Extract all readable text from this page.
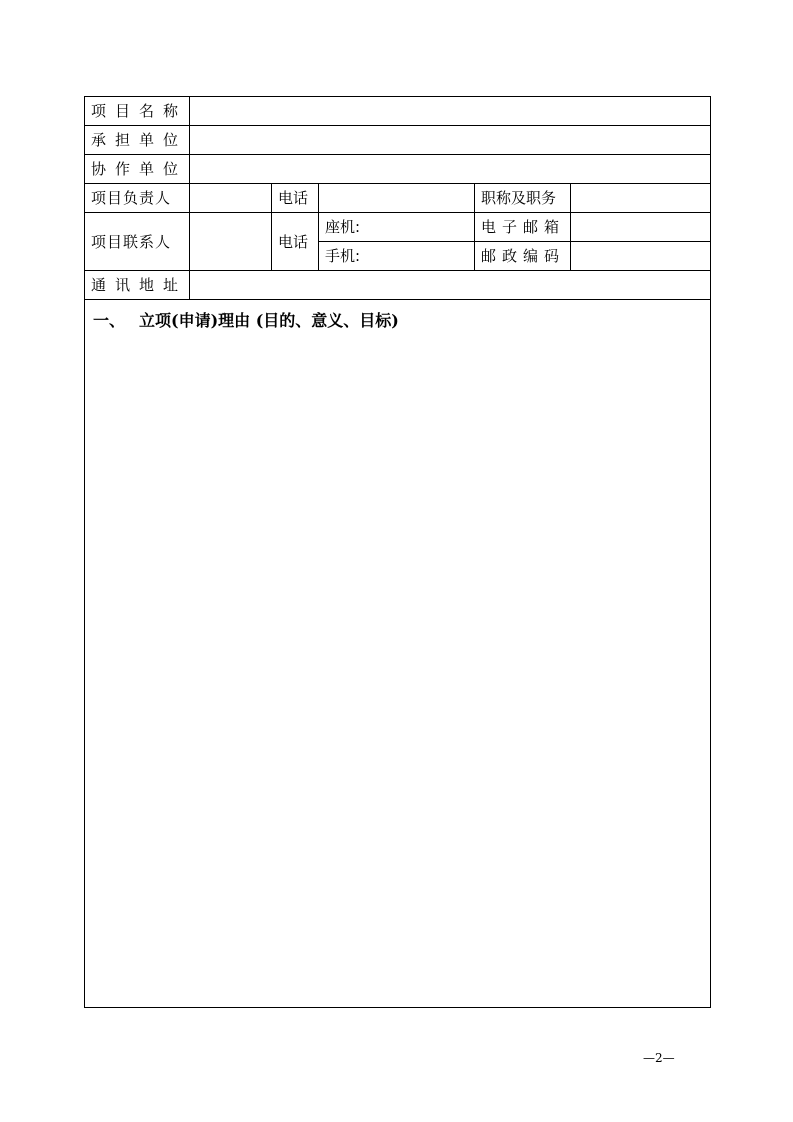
项目名称					
承担单位					
协作单位					
项目负责人		电话		职称及职务	
项目联系人		电话	座机:	电子邮箱	
			手机:	邮政编码	
通讯地址					

一、 立项(申请)理由 (目的、意义、目标)					
—2—
